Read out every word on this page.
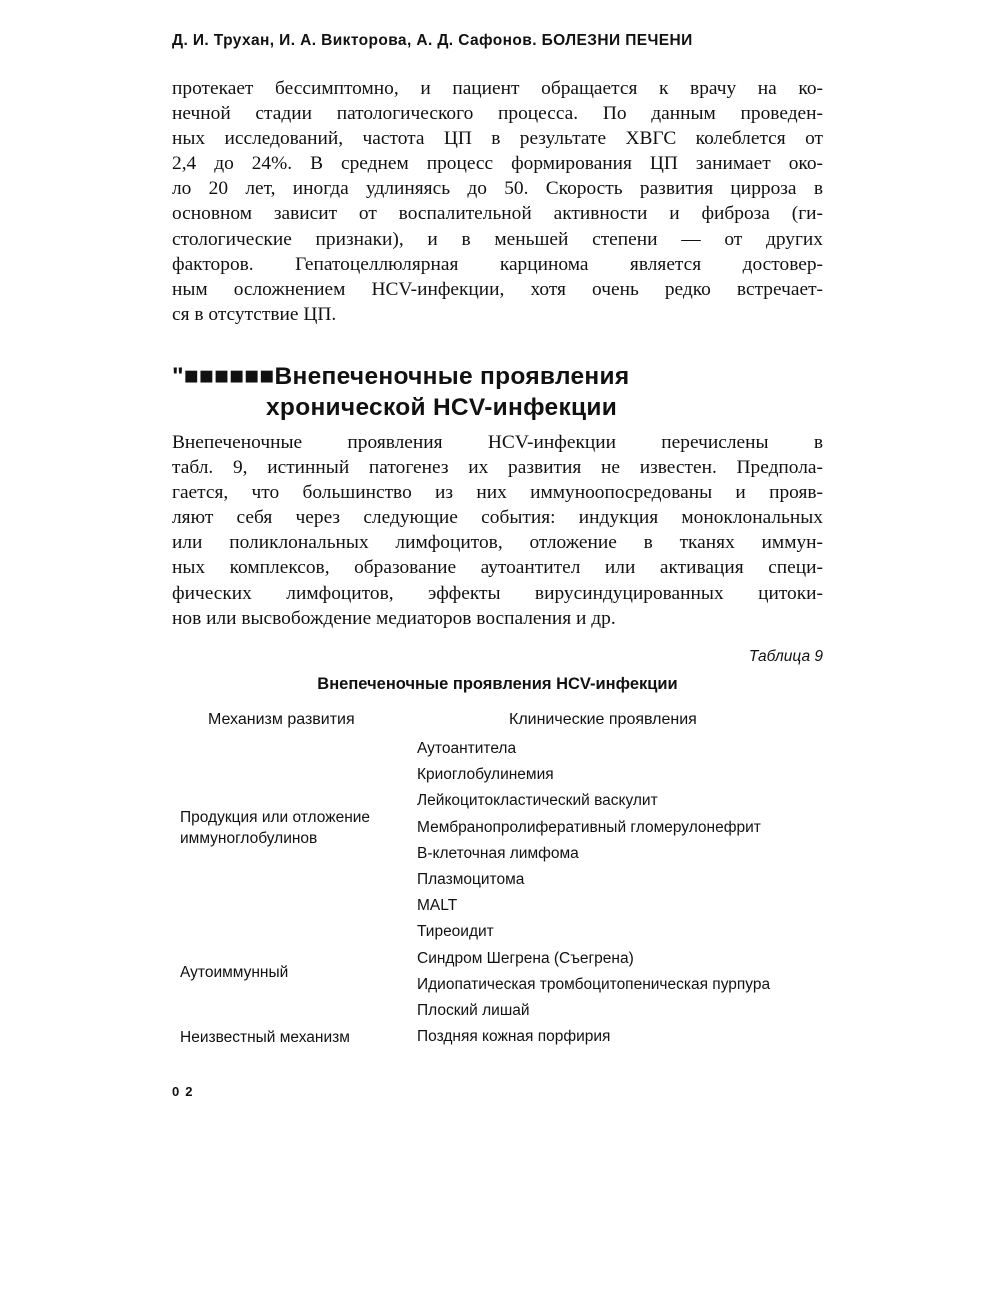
Д. И. Трухан, И. А. Викторова, А. Д. Сафонов. БОЛЕЗНИ ПЕЧЕНИ
протекает бессимптомно, и пациент обращается к врачу на ко-
нечной стадии патологического процесса. По данным проведен-
ных исследований, частота ЦП в результате ХВГС колеблется от
2,4 до 24%. В среднем процесс формирования ЦП занимает око-
ло 20 лет, иногда удлиняясь до 50. Скорость развития цирроза в
основном зависит от воспалительной активности и фиброза (ги-
стологические признаки), и в меньшей степени — от других
факторов. Гепатоцеллюлярная карцинома является достовер-
ным осложнением HCV-инфекции, хотя очень редко встречает-
ся в отсутствие ЦП.
"■■■■■■Внепеченочные проявления
хронической HCV-инфекции
Внепеченочные проявления HCV-инфекции перечислены в
табл. 9, истинный патогенез их развития не известен. Предпола-
гается, что большинство из них иммуноопосредованы и прояв-
ляют себя через следующие события: индукция моноклональных
или поликлональных лимфоцитов, отложение в тканях иммун-
ных комплексов, образование аутоантител или активация специ-
фических лимфоцитов, эффекты вирусиндуцированных цитоки-
нов или высвобождение медиаторов воспаления и др.
Таблица 9
Внепеченочные проявления HCV-инфекции
Механизм развития	Клинические проявления
Продукция или отложение иммуноглобулинов
Аутоиммунный
Неизвестный механизм
Аутоантитела
Криоглобулинемия
Лейкоцитокластический васкулит
Мембранопролиферативный гломерулонефрит
В-клеточная лимфома
Плазмоцитома
MALT
Тиреоидит
Синдром Шегрена (Съегрена)
Идиопатическая тромбоцитопеническая пурпура
Плоский лишай
Поздняя кожная порфирия
02
